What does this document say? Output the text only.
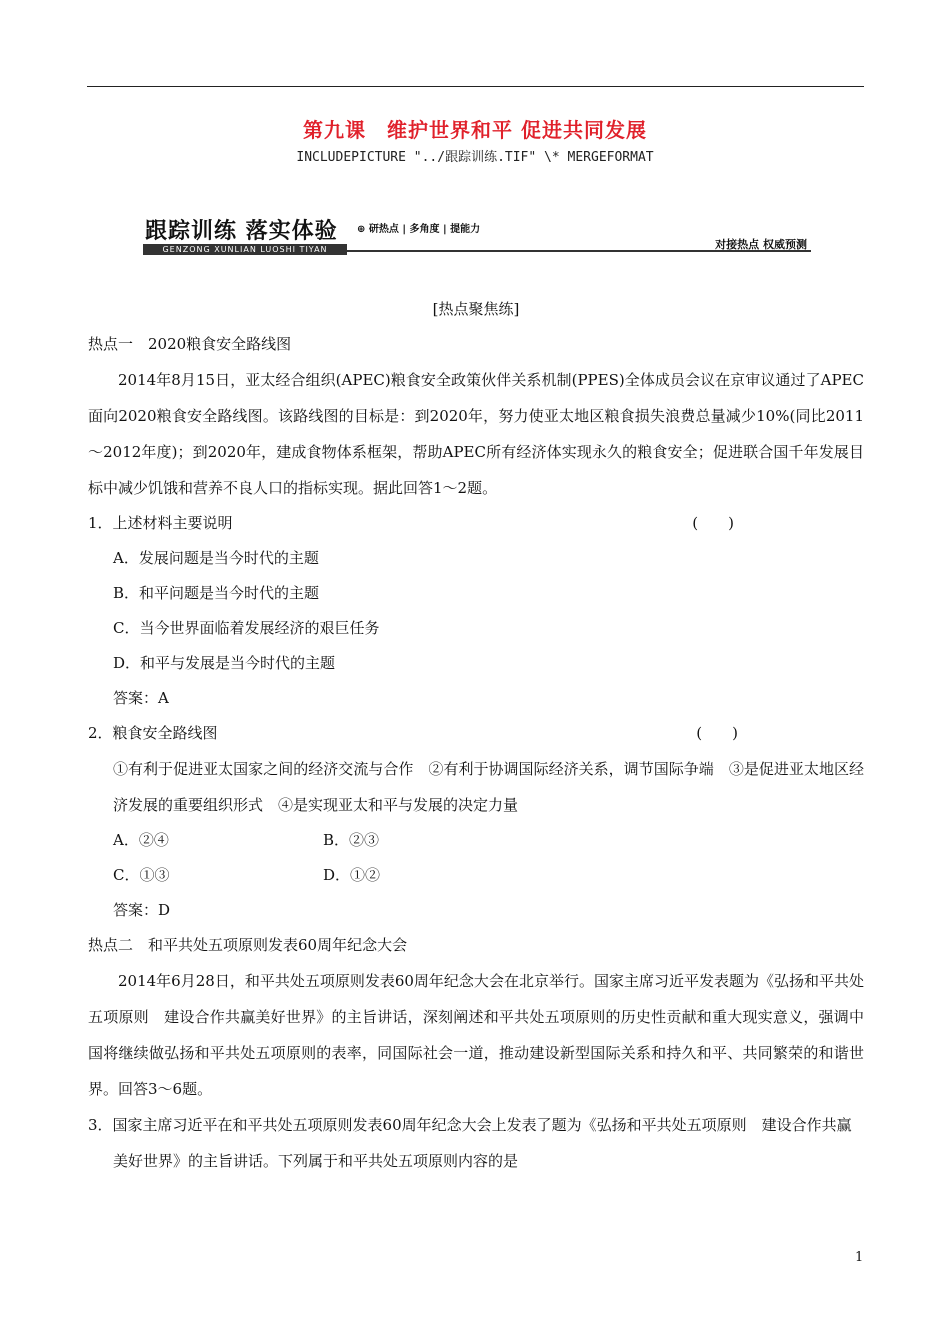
第九课　维护世界和平 促进共同发展
INCLUDEPICTURE "../跟踪训练.TIF" \* MERGEFORMAT
跟踪训练 落实体验
GENZONG XUNLIAN LUOSHI TIYAN
⊕ 研热点 | 多角度 | 提能力
对接热点 权威预测
[热点聚焦练]
热点一　2020粮食安全路线图
2014年8月15日，亚太经合组织(APEC)粮食安全政策伙伴关系机制(PPES)全体成员会议在京审议通过了APEC面向2020粮食安全路线图。该路线图的目标是：到2020年，努力使亚太地区粮食损失浪费总量减少10%(同比2011～2012年度)；到2020年，建成食物体系框架，帮助APEC所有经济体实现永久的粮食安全；促进联合国千年发展目标中减少饥饿和营养不良人口的指标实现。据此回答1～2题。
1．上述材料主要说明	(　　)
A．发展问题是当今时代的主题
B．和平问题是当今时代的主题
C．当今世界面临着发展经济的艰巨任务
D．和平与发展是当今时代的主题
答案：A
2．粮食安全路线图	(　　)
①有利于促进亚太国家之间的经济交流与合作　②有利于协调国际经济关系，调节国际争端　③是促进亚太地区经济发展的重要组织形式　④是实现亚太和平与发展的决定力量
A．②④	B．②③
C．①③	D．①②
答案：D
热点二　和平共处五项原则发表60周年纪念大会
2014年6月28日，和平共处五项原则发表60周年纪念大会在北京举行。国家主席习近平发表题为《弘扬和平共处五项原则　建设合作共赢美好世界》的主旨讲话，深刻阐述和平共处五项原则的历史性贡献和重大现实意义，强调中国将继续做弘扬和平共处五项原则的表率，同国际社会一道，推动建设新型国际关系和持久和平、共同繁荣的和谐世界。回答3～6题。
3．国家主席习近平在和平共处五项原则发表60周年纪念大会上发表了题为《弘扬和平共处五项原则　建设合作共赢美好世界》的主旨讲话。下列属于和平共处五项原则内容的是
1
